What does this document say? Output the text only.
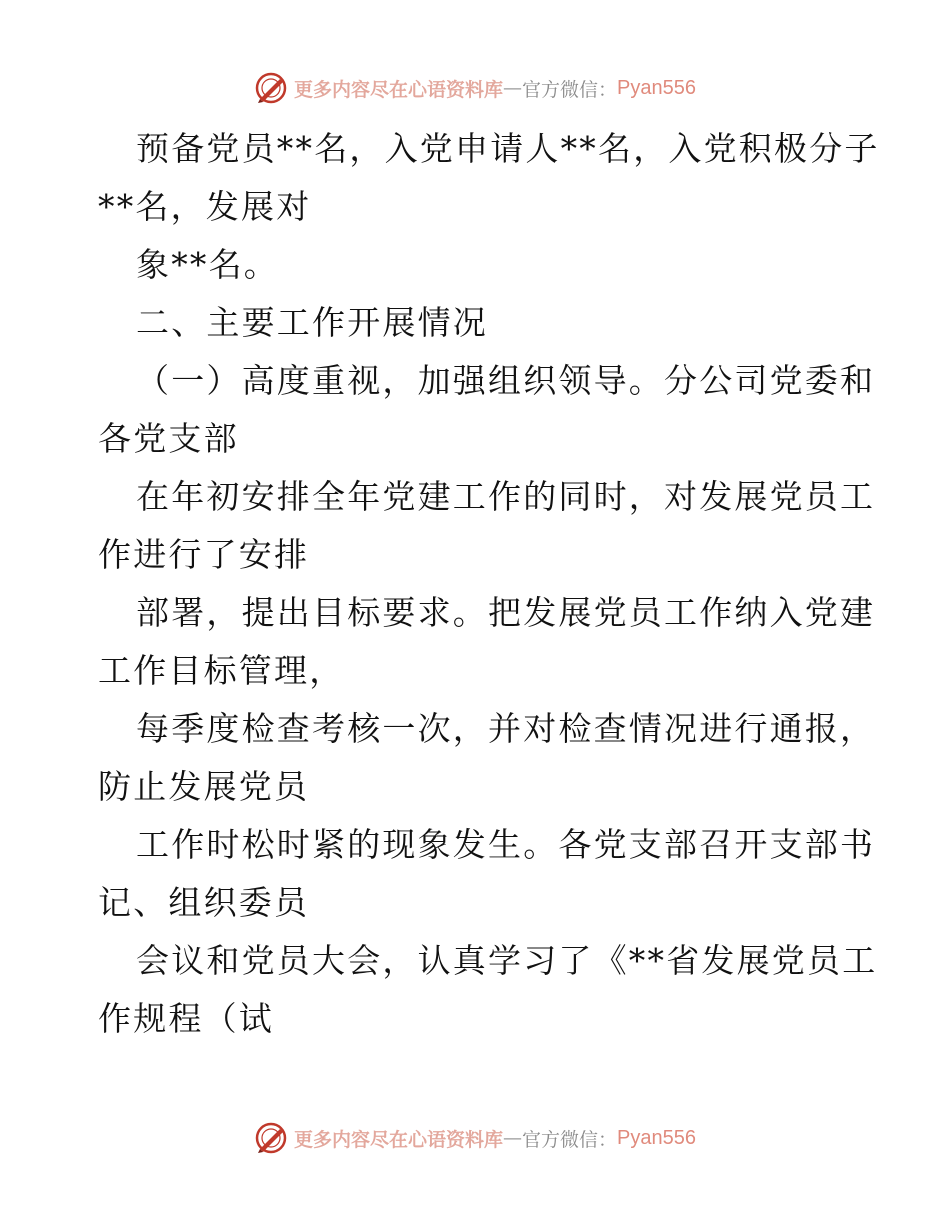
更多内容尽在心语资料库 — 官方微信： Pyan556

预备党员**名，入党申请人**名，入党积极分子

**名，发展对

象**名。

二、主要工作开展情况

（一）高度重视，加强组织领导。分公司党委和

各党支部

在年初安排全年党建工作的同时，对发展党员工

作进行了安排

部署，提出目标要求。把发展党员工作纳入党建

工作目标管理，

每季度检查考核一次，并对检查情况进行通报，

防止发展党员

工作时松时紧的现象发生。各党支部召开支部书

记、组织委员

会议和党员大会，认真学习了《**省发展党员工

作规程（试

更多内容尽在心语资料库 — 官方微信： Pyan556
